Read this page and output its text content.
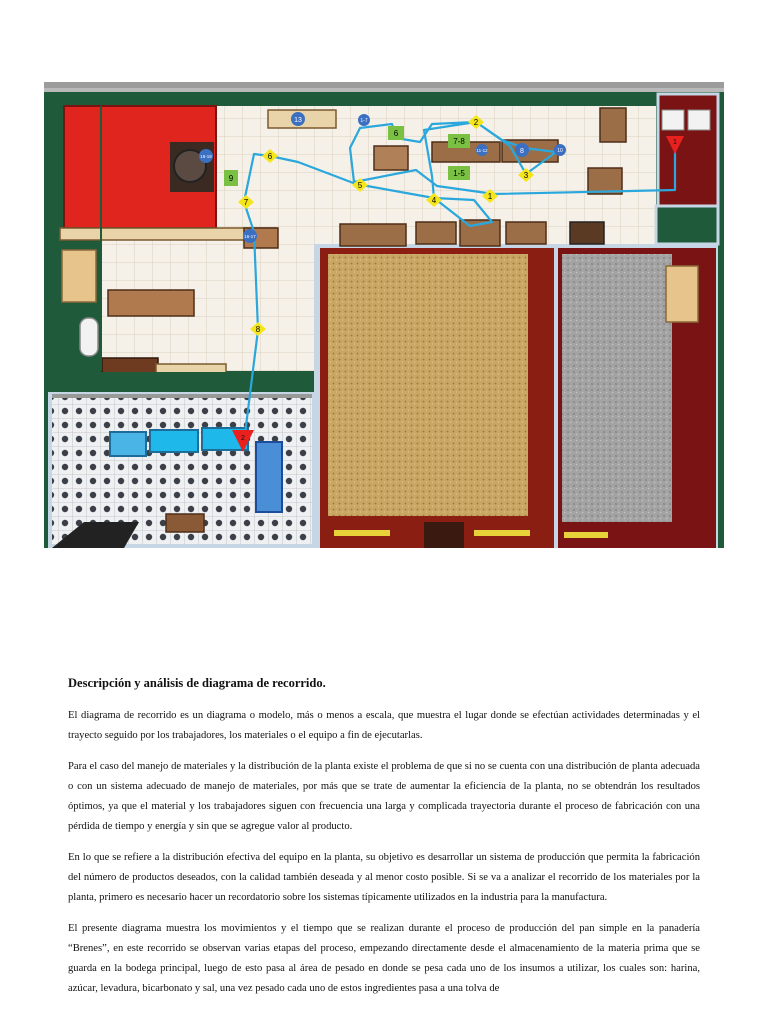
1
2
3
4
5
6
7
8
6
7-8
1-5
9
13	1-7
8	10
11-12
18-19
16-17
1
2

Descripción y análisis de diagrama de recorrido.

El diagrama de recorrido es un diagrama o modelo, más o menos a escala, que muestra el lugar donde se efectúan actividades determinadas y el trayecto seguido por los trabajadores, los materiales o el equipo a fin de ejecutarlas.

Para el caso del manejo de materiales y la distribución de la planta existe el problema de que si no se cuenta con una distribución de planta adecuada o con un sistema adecuado de manejo de materiales, por más que se trate de aumentar la eficiencia de la planta, no se obtendrán los resultados óptimos, ya que el material y los trabajadores siguen con frecuencia una larga y complicada trayectoria durante el proceso de fabricación con una pérdida de tiempo y energía y sin que se agregue valor al producto.

En lo que se refiere a la distribución efectiva del equipo en la planta, su objetivo es desarrollar un sistema de producción que permita la fabricación del número de productos deseados, con la calidad también deseada y al menor costo posible. Si se va a analizar el recorrido de los materiales por la planta, primero es necesario hacer un recordatorio sobre los sistemas típicamente utilizados en la industria para la manufactura.

El presente diagrama muestra los movimientos y el tiempo que se realizan durante el proceso de producción del pan simple en la panadería “Brenes”, en este recorrido se observan varias etapas del proceso, empezando directamente desde el almacenamiento de la materia prima que se guarda en la bodega principal, luego de esto pasa al área de pesado en donde se pesa cada uno de los insumos a utilizar, los cuales son: harina, azúcar, levadura, bicarbonato y sal, una vez pesado cada uno de estos ingredientes pasa a una tolva de
